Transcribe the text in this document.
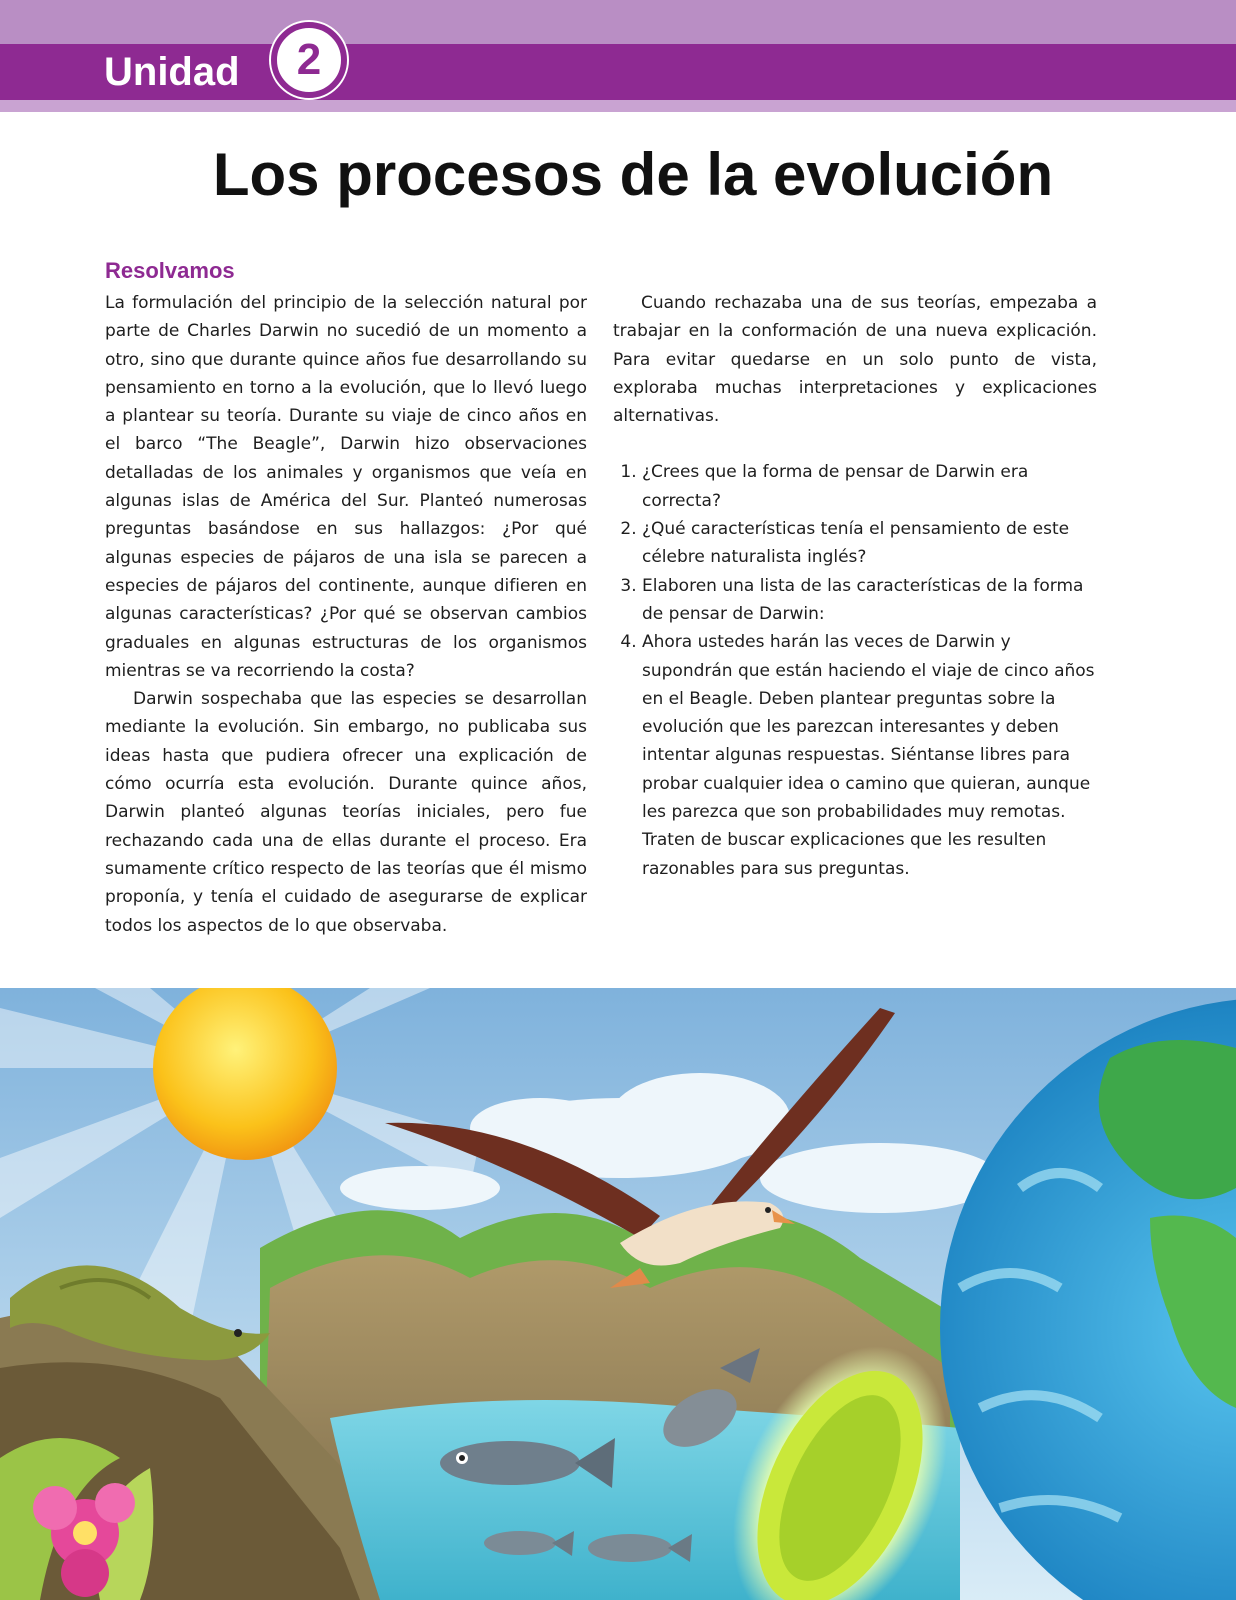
Unidad	2
Los procesos de la evolución
Resolvamos

La formulación del principio de la selección natural por parte de Charles Darwin no sucedió de un momento a otro, sino que durante quince años fue desarrollando su pensamiento en torno a la evolución, que lo llevó luego a plantear su teoría. Durante su viaje de cinco años en el barco “The Beagle”, Darwin hizo observaciones detalladas de los animales y organismos que veía en algunas islas de América del Sur. Planteó numerosas preguntas basándose en sus hallazgos: ¿Por qué algunas especies de pájaros de una isla se parecen a especies de pájaros del continente, aunque difieren en algunas características? ¿Por qué se observan cambios graduales en algunas estructuras de los organismos mientras se va recorriendo la costa?

Darwin sospechaba que las especies se desarrollan mediante la evolución. Sin embargo, no publicaba sus ideas hasta que pudiera ofrecer una explicación de cómo ocurría esta evolución. Durante quince años, Darwin planteó algunas teorías iniciales, pero fue rechazando cada una de ellas durante el proceso. Era sumamente crítico respecto de las teorías que él mismo proponía, y tenía el cuidado de asegurarse de explicar todos los aspectos de lo que observaba.

Cuando rechazaba una de sus teorías, empezaba a trabajar en la conformación de una nueva explicación. Para evitar quedarse en un solo punto de vista, exploraba muchas interpretaciones y explicaciones alternativas.

1. ¿Crees que la forma de pensar de Darwin era correcta?
2. ¿Qué características tenía el pensamiento de este célebre naturalista inglés?
3. Elaboren una lista de las características de la forma de pensar de Darwin:
4. Ahora ustedes harán las veces de Darwin y supondrán que están haciendo el viaje de cinco años en el Beagle. Deben plantear preguntas sobre la evolución que les parezcan interesantes y deben intentar algunas respuestas. Siéntanse libres para probar cualquier idea o camino que quieran, aunque les parezca que son probabilidades muy remotas. Traten de buscar explicaciones que les resulten razonables para sus preguntas.
